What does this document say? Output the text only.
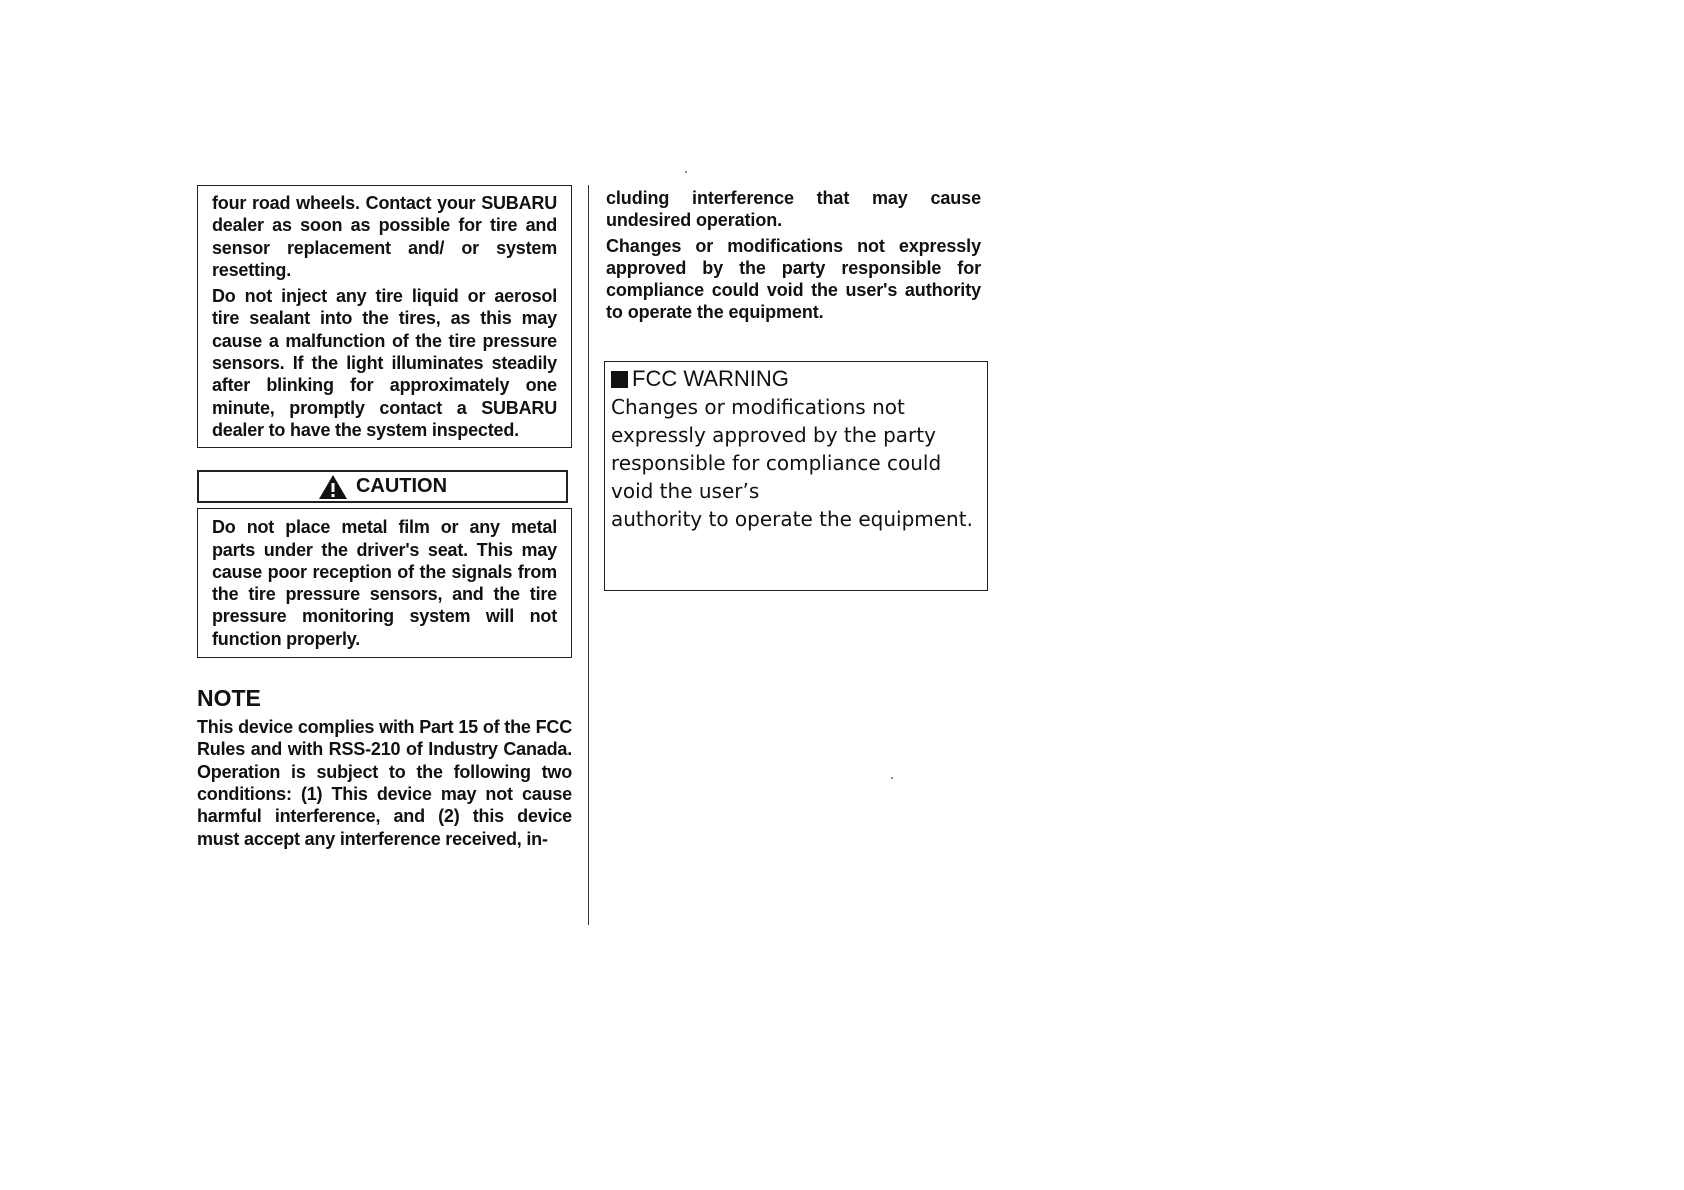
four road wheels. Contact your SUBARU dealer as soon as possible for tire and sensor replacement and/ or system resetting.

Do not inject any tire liquid or aerosol tire sealant into the tires, as this may cause a malfunction of the tire pressure sensors. If the light illuminates steadily after blinking for approximately one minute, promptly contact a SUBARU dealer to have the system inspected.

CAUTION
Do not place metal film or any metal parts under the driver's seat. This may cause poor reception of the signals from the tire pressure sensors, and the tire pressure monitoring system will not function properly.
NOTE
This device complies with Part 15 of the FCC Rules and with RSS-210 of Industry Canada. Operation is subject to the following two conditions: (1) This device may not cause harmful interference, and (2) this device must accept any interference received, in-

cluding interference that may cause undesired operation.

Changes or modifications not expressly approved by the party responsible for compliance could void the user's authority to operate the equipment.

FCC WARNING
Changes or modifications not
expressly approved by the party
responsible for compliance could
void the user’s
authority to operate the equipment.
